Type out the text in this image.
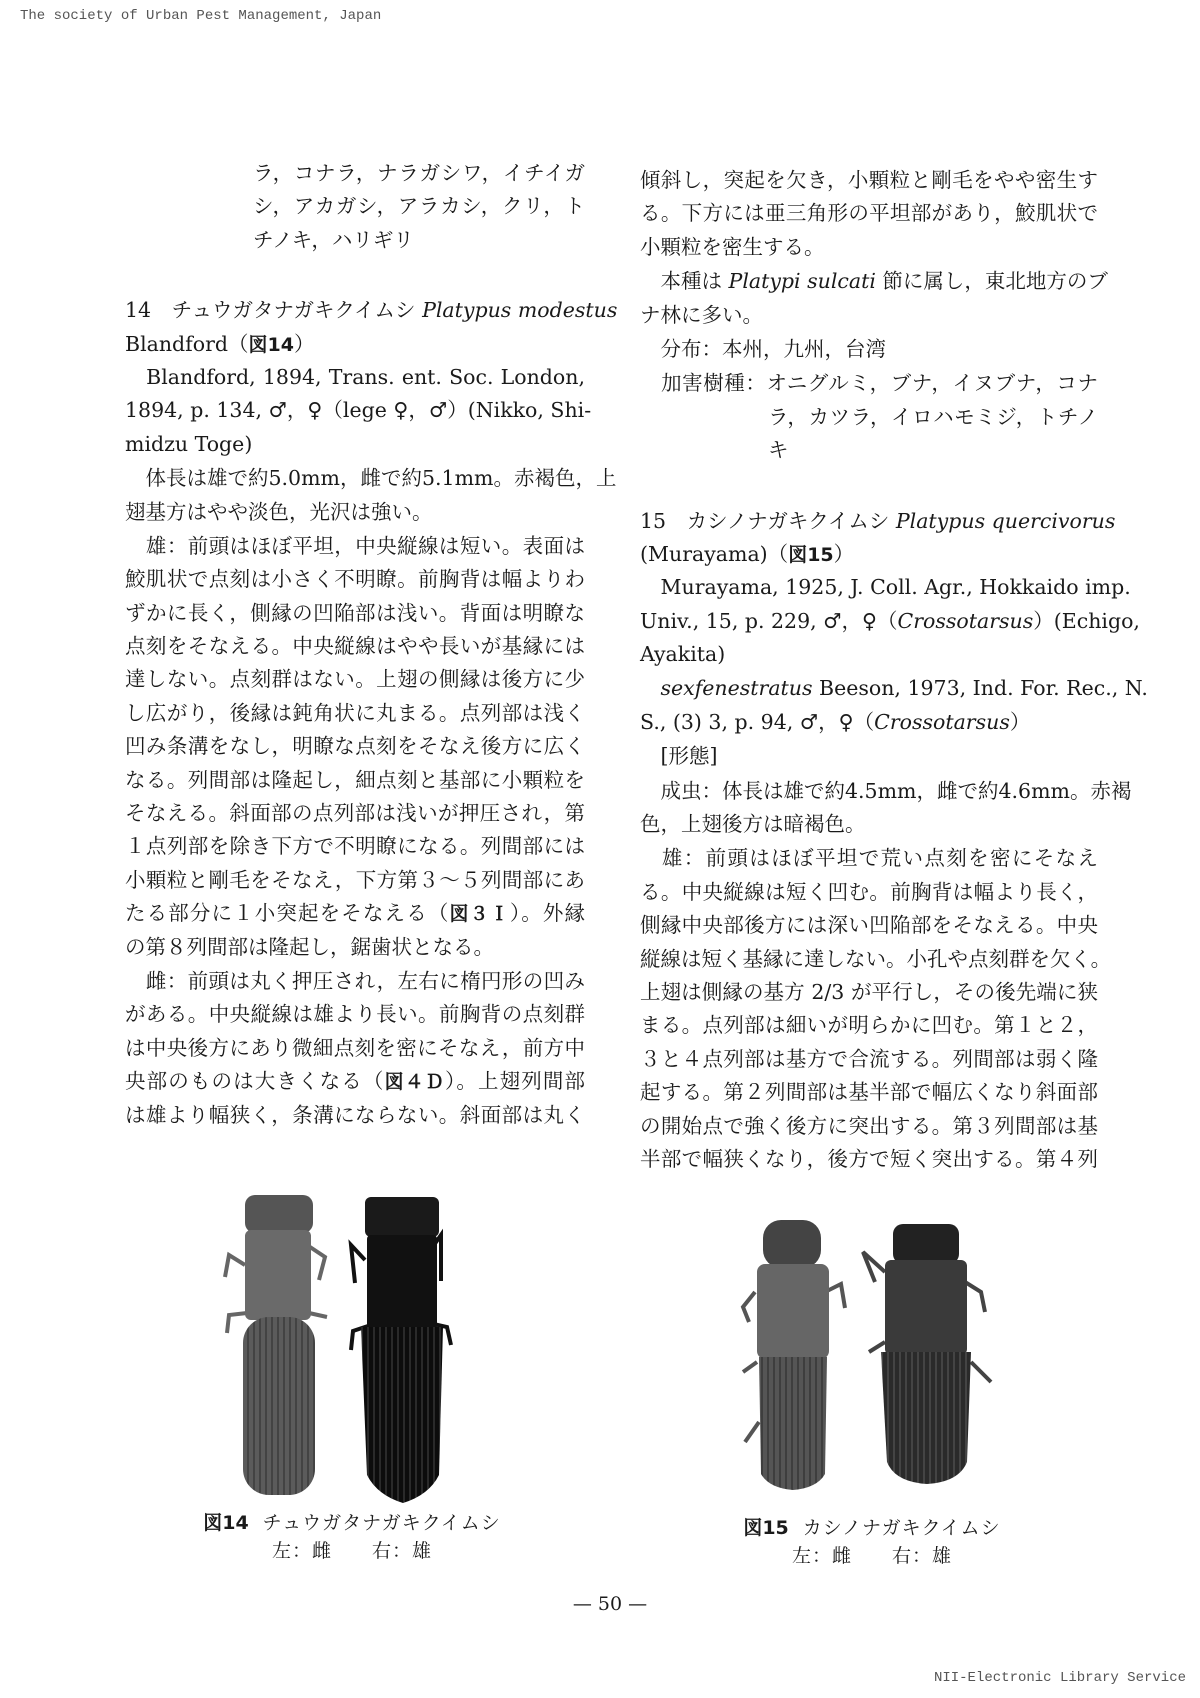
The society of Urban Pest Management, Japan
ラ，コナラ，ナラガシワ，イチイガ
シ，アカガシ，アラカシ，クリ，ト
チノキ，ハリギリ
14　チュウガタナガキクイムシ Platypus modestus
Blandford（図14）
　Blandford, 1894, Trans. ent. Soc. London,
1894, p. 134, ♂，♀（lege ♀，♂）(Nikko, Shi-
midzu Toge)
　体長は雄で約5.0mm，雌で約5.1mm。赤褐色，上
翅基方はやや淡色，光沢は強い。
　雄：前頭はほぼ平坦，中央縦線は短い。表面は
鮫肌状で点刻は小さく不明瞭。前胸背は幅よりわ
ずかに長く，側縁の凹陥部は浅い。背面は明瞭な
点刻をそなえる。中央縦線はやや長いが基縁には
達しない。点刻群はない。上翅の側縁は後方に少
し広がり，後縁は鈍角状に丸まる。点列部は浅く
凹み条溝をなし，明瞭な点刻をそなえ後方に広く
なる。列間部は隆起し，細点刻と基部に小顆粒を
そなえる。斜面部の点列部は浅いが押圧され，第
１点列部を除き下方で不明瞭になる。列間部には
小顆粒と剛毛をそなえ，下方第３～５列間部にあ
たる部分に１小突起をそなえる（図３Ｉ）。外縁
の第８列間部は隆起し，鋸歯状となる。
　雌：前頭は丸く押圧され，左右に楕円形の凹み
がある。中央縦線は雄より長い。前胸背の点刻群
は中央後方にあり微細点刻を密にそなえ，前方中
央部のものは大きくなる（図４Ｄ）。上翅列間部
は雄より幅狭く，条溝にならない。斜面部は丸く
傾斜し，突起を欠き，小顆粒と剛毛をやや密生す
る。下方には亜三角形の平坦部があり，鮫肌状で
小顆粒を密生する。
　本種は Platypi sulcati 節に属し，東北地方のブ
ナ林に多い。
　分布：本州，九州，台湾
　加害樹種：オニグルミ，ブナ，イヌブナ，コナ
ラ，カツラ，イロハモミジ，トチノ
キ
15　カシノナガキクイムシ Platypus quercivorus
(Murayama)（図15）
　Murayama, 1925, J. Coll. Agr., Hokkaido imp.
Univ., 15, p. 229, ♂，♀（Crossotarsus）(Echigo,
Ayakita)
　sexfenestratus Beeson, 1973, Ind. For. Rec., N.
S., (3) 3, p. 94, ♂，♀（Crossotarsus）
　[形態]
　成虫：体長は雄で約4.5mm，雌で約4.6mm。赤褐
色，上翅後方は暗褐色。
　雄：前頭はほぼ平坦で荒い点刻を密にそなえ
る。中央縦線は短く凹む。前胸背は幅より長く，
側縁中央部後方には深い凹陥部をそなえる。中央
縦線は短く基縁に達しない。小孔や点刻群を欠く。
上翅は側縁の基方 2/3 が平行し，その後先端に狭
まる。点列部は細いが明らかに凹む。第１と２，
３と４点列部は基方で合流する。列間部は弱く隆
起する。第２列間部は基半部で幅広くなり斜面部
の開始点で強く後方に突出する。第３列間部は基
半部で幅狭くなり，後方で短く突出する。第４列
図14 チュウガタナガキクイムシ
左：雌　　右：雄
図15 カシノナガキクイムシ
左：雌　　右：雄
— 50 —
NII-Electronic Library Service
